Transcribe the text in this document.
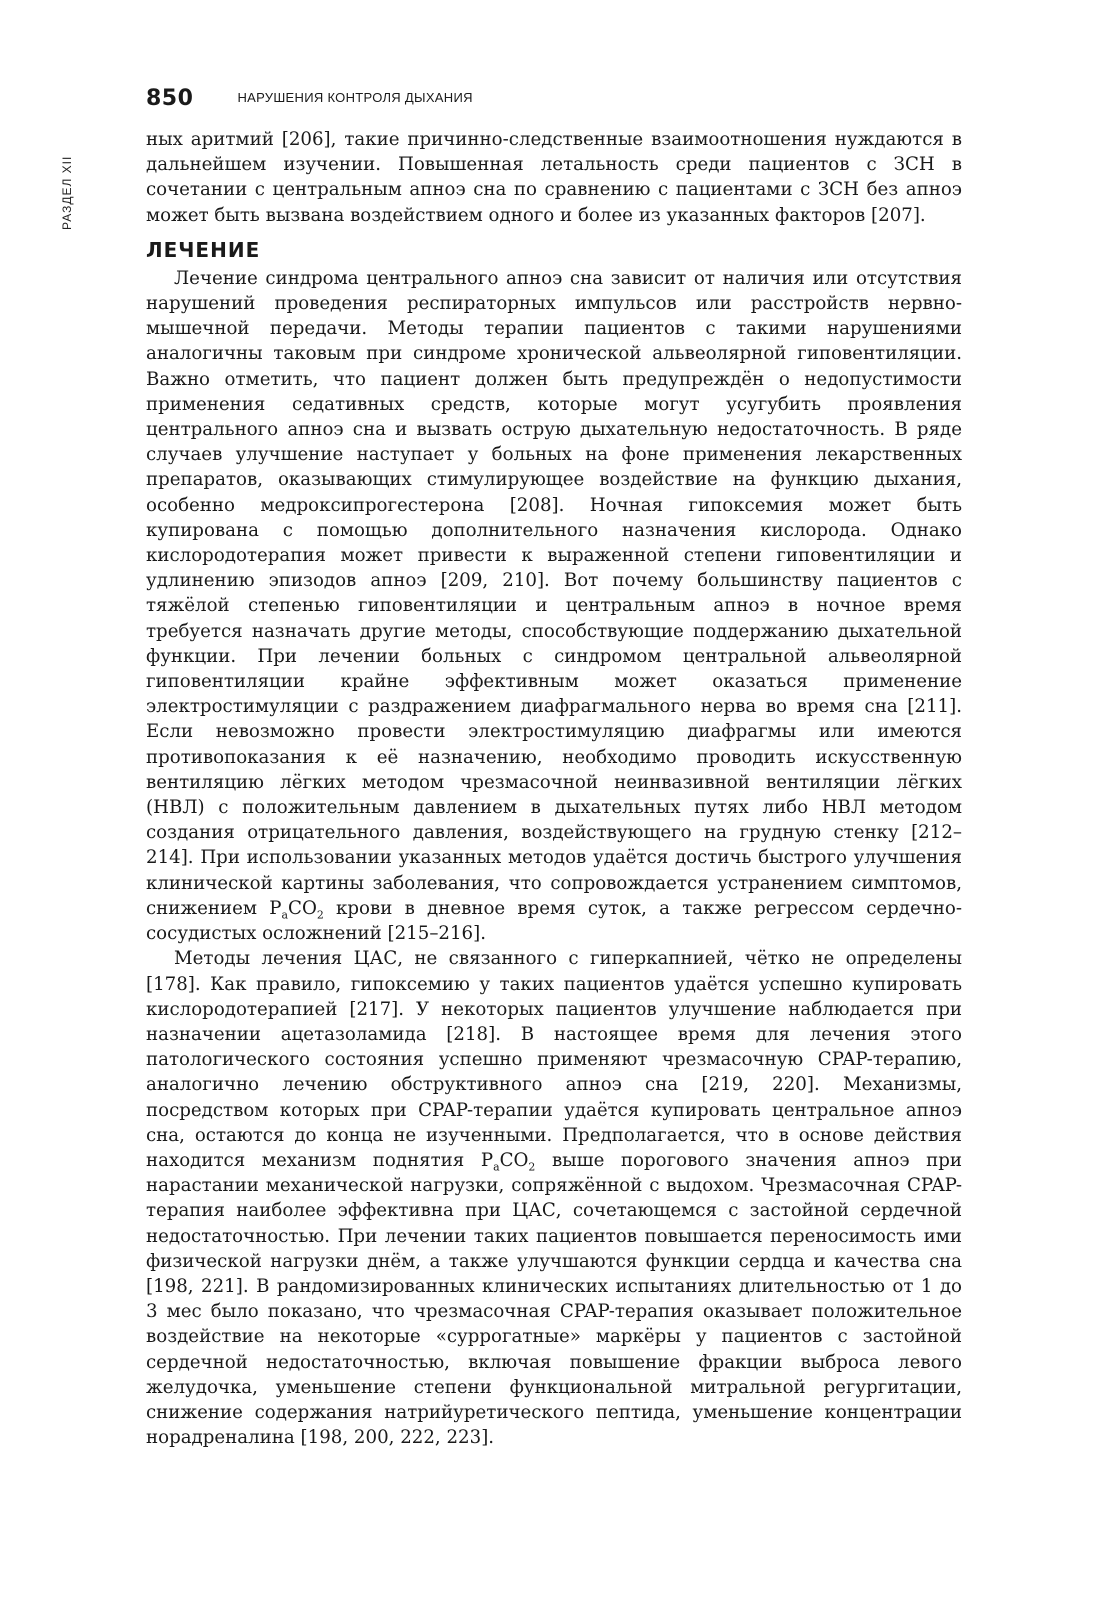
РАЗДЕЛ XII
850	НАРУШЕНИЯ КОНТРОЛЯ ДЫХАНИЯ

ных аритмий [206], такие причинно-следственные взаимоотношения нуждаются в дальнейшем изучении. Повышенная летальность среди пациентов с ЗСН в сочетании с центральным апноэ сна по сравнению с пациентами с ЗСН без апноэ может быть вызвана воздействием одного и более из указанных факторов [207].

ЛЕЧЕНИЕ

Лечение синдрома центрального апноэ сна зависит от наличия или отсутствия нарушений проведения респираторных импульсов или расстройств нервно-мышечной передачи. Методы терапии пациентов с такими нарушениями аналогичны таковым при синдроме хронической альвеолярной гиповентиляции. Важно отметить, что пациент должен быть предупреждён о недопустимости применения седативных средств, которые могут усугубить проявления центрального апноэ сна и вызвать острую дыхательную недостаточность. В ряде случаев улучшение наступает у больных на фоне применения лекарственных препаратов, оказывающих стимулирующее воздействие на функцию дыхания, особенно медроксипрогестерона [208]. Ночная гипоксемия может быть купирована с помощью дополнительного назначения кислорода. Однако кислородотерапия может привести к выраженной степени гиповентиляции и удлинению эпизодов апноэ [209, 210]. Вот почему большинству пациентов с тяжёлой степенью гиповентиляции и центральным апноэ в ночное время требуется назначать другие методы, способствующие поддержанию дыхательной функции. При лечении больных с синдромом центральной альвеолярной гиповентиляции крайне эффективным может оказаться применение электростимуляции с раздражением диафрагмального нерва во время сна [211]. Если невозможно провести электростимуляцию диафрагмы или имеются противопоказания к её назначению, необходимо проводить искусственную вентиляцию лёгких методом чрезмасочной неинвазивной вентиляции лёгких (НВЛ) с положительным давлением в дыхательных путях либо НВЛ методом создания отрицательного давления, воздействующего на грудную стенку [212–214]. При использовании указанных методов удаётся достичь быстрого улучшения клинической картины заболевания, что сопровождается устранением симптомов, снижением $P_aCO_2$ крови в дневное время суток, а также регрессом сердечно-сосудистых осложнений [215–216].

Методы лечения ЦАС, не связанного с гиперкапнией, чётко не определены [178]. Как правило, гипоксемию у таких пациентов удаётся успешно купировать кислородотерапией [217]. У некоторых пациентов улучшение наблюдается при назначении ацетазоламида [218]. В настоящее время для лечения этого патологического состояния успешно применяют чрезмасочную CPAP-терапию, аналогично лечению обструктивного апноэ сна [219, 220]. Механизмы, посредством которых при CPAP-терапии удаётся купировать центральное апноэ сна, остаются до конца не изученными. Предполагается, что в основе действия находится механизм поднятия $P_aCO_2$ выше порогового значения апноэ при нарастании механической нагрузки, сопряжённой с выдохом. Чрезмасочная CPAP-терапия наиболее эффективна при ЦАС, сочетающемся с застойной сердечной недостаточностью. При лечении таких пациентов повышается переносимость ими физической нагрузки днём, а также улучшаются функции сердца и качества сна [198, 221]. В рандомизированных клинических испытаниях длительностью от 1 до 3 мес было показано, что чрезмасочная CPAP-терапия оказывает положительное воздействие на некоторые «суррогатные» маркёры у пациентов с застойной сердечной недостаточностью, включая повышение фракции выброса левого желудочка, уменьшение степени функциональной митральной регургитации, снижение содержания натрийуретического пептида, уменьшение концентрации норадреналина [198, 200, 222, 223].
